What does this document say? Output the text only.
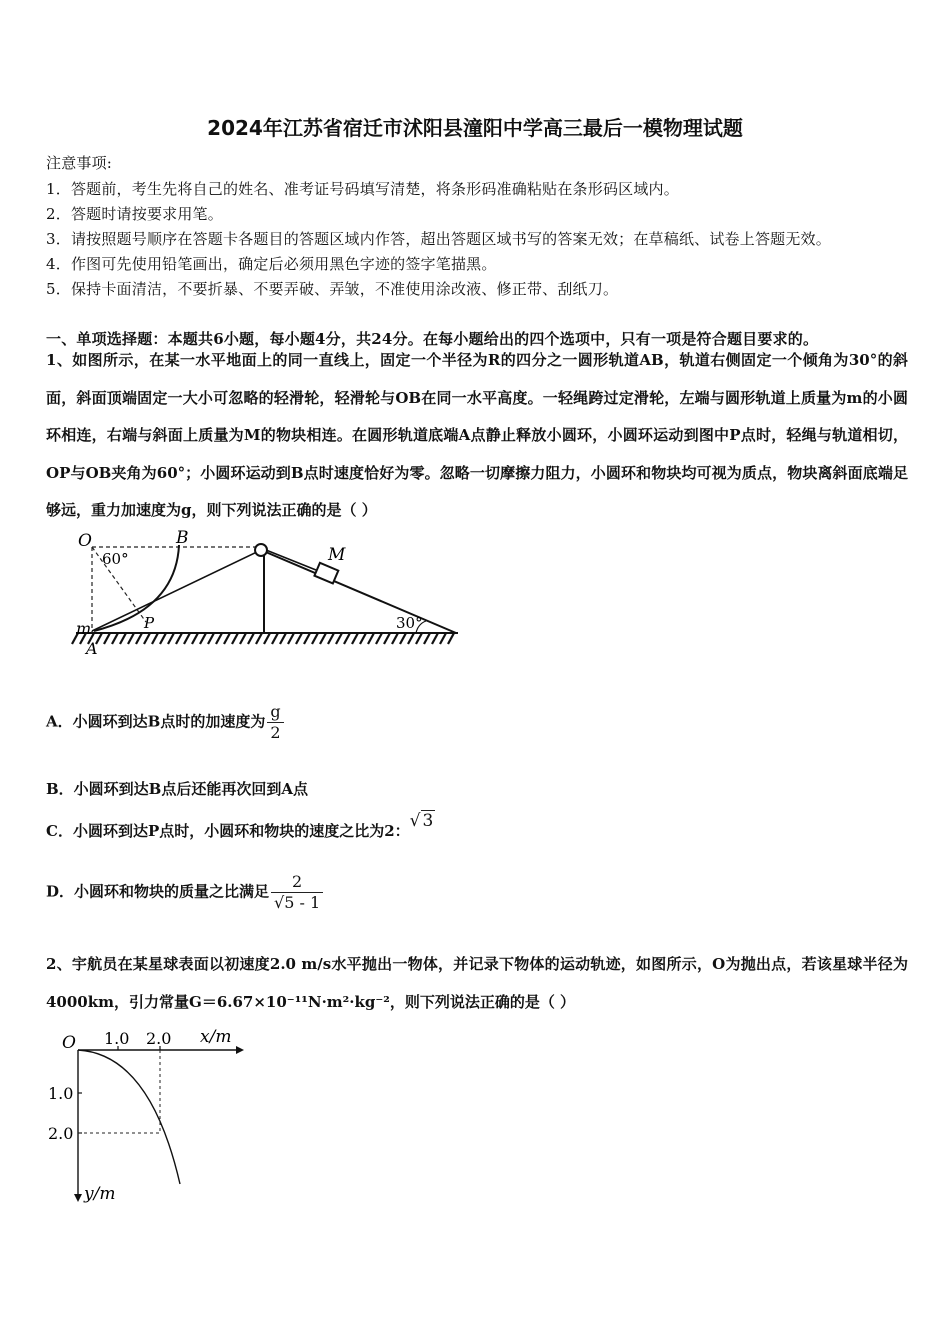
2024年江苏省宿迁市沭阳县潼阳中学高三最后一模物理试题
注意事项:
1．答题前，考生先将自己的姓名、准考证号码填写清楚，将条形码准确粘贴在条形码区域内。
2．答题时请按要求用笔。
3．请按照题号顺序在答题卡各题目的答题区域内作答，超出答题区域书写的答案无效；在草稿纸、试卷上答题无效。
4．作图可先使用铅笔画出，确定后必须用黑色字迹的签字笔描黑。
5．保持卡面清洁，不要折暴、不要弄破、弄皱，不准使用涂改液、修正带、刮纸刀。
一、单项选择题：本题共6小题，每小题4分，共24分。在每小题给出的四个选项中，只有一项是符合题目要求的。
1、如图所示，在某一水平地面上的同一直线上，固定一个半径为R的四分之一圆形轨道AB，轨道右侧固定一个倾角为30°的斜面，斜面顶端固定一大小可忽略的轻滑轮，轻滑轮与OB在同一水平高度。一轻绳跨过定滑轮，左端与圆形轨道上质量为m的小圆环相连，右端与斜面上质量为M的物块相连。在圆形轨道底端A点静止释放小圆环，小圆环运动到图中P点时，轻绳与轨道相切，OP与OB夹角为60°；小圆环运动到B点时速度恰好为零。忽略一切摩擦力阻力，小圆环和物块均可视为质点，物块离斜面底端足够远，重力加速度为g，则下列说法正确的是（ ）
O
60°
B
M
m	P
A
30°
A．小圆环到达B点时的加速度为 $\frac{g}{2}$
B．小圆环到达B点后还能再次回到A点
C．小圆环到达P点时，小圆环和物块的速度之比为2：√ 3
D．小圆环和物块的质量之比满足 $\frac{2}{√5 - 1}$
2、宇航员在某星球表面以初速度2.0 m/s水平抛出一物体，并记录下物体的运动轨迹，如图所示，O为抛出点，若该星球半径为4000km，引力常量G＝6.67×10⁻¹¹N·m²·kg⁻²，则下列说法正确的是（ ）
O 1.0 2.0 x/m
1.0
2.0
y/m
